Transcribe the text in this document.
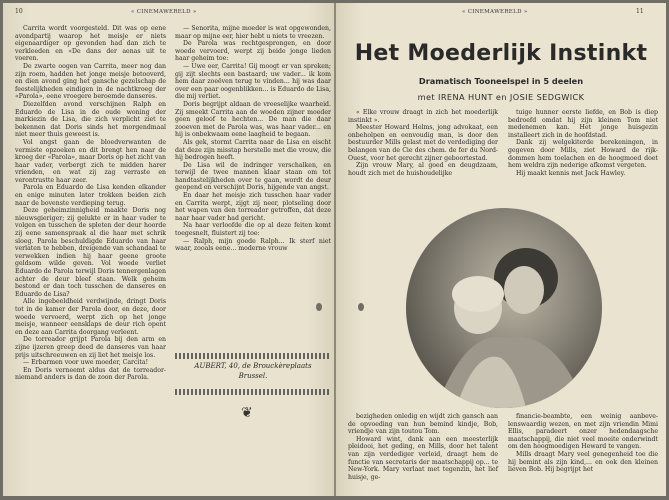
10	« CINEMAWERELD »

Carrita wordt voorgesteld. Dit was op eene avondpartij waarop het meisje er niets eigenaardiger op gevonden had dan zich te verkleeden en «De dans der aenas uit te voeren.

De zwarte oogen van Carrita, meer nog dan zijn roem, hadden het jonge meisje betooverd, en dien avond ging het gansche gezelschap de feestelijkheden eindigen in de nachtkroeg der «Parola», eene vroegere beroemde danseres.

Diezelfden avond verschijnen Ralph en Eduardo de Lisa in de oude woning der markiezin de Lisa, die zich verplicht ziet te bekennen dat Doris sinds het morgendmaal niet meer thuis geweest is.

Vol angst gaan de bloedverwanten de vermiste opzoeken en dit brengt hen naar de kroeg der «Parola», maar Doris op het zicht van haar vader, verbergt zich te midden harer vrienden, en wat zij zag verraste en verontrustte haar zeer.

Parola en Eduardo de Lisa kenden elkander en enige minuten later trokken beiden zich naar de bovenste verdieping terug.

Deze geheimzinnigheid maakte Doris nog nieuwsgieriger; zij gelukte er in haar vader te volgen en tusschen de spleten der deur hoorde zij eene samenspraak al die haar met schrik sloeg. Parola beschuldigde Eduardo van haar verlaten te hebben, dreigende van schandaal te verwekken indien hij haar geene groote geldsom wilde geven. Vol woede verliet Eduardo de Parola terwijl Doris tennergenlagen achter de deur bleef staan. Welk geheim bestond er dan toch tusschen de danseres en Eduardo de Lisa?

Alle ingebeeldheid verdwijnde, dringt Doris tot in de kamer der Parola door, en deze, door woede vervoerd, werpt zich op het jonge meisje, wanneer eensklaps de deur rich opent en deze aan Carrita doorgang verleent.

De torreador grijpt Parola bij den arm en zijne ijzeren greep deed de danseres van haar prijs uitschreeuwen en zij liet het meisje los.

— Erbarmen voor uwe moeder, Carcita!

En Doris verneemt aldus dat de torreador-niemand anders is dan de zoon der Parola.

— Senorita, mijne moeder is wat opgewonden, maar op mijne eer, hier hebt u niets te vreezen.

De Parola was rechtgesprongen, en door woede vervoerd, werpt zij beide jonge lieden haar geheim toe:

— Uwe eer, Carrita! Gij moogt er van spreken; gij zijt slechts een bastaard; uw vader... ik kom hem daar zoeëven terug te vinden... hij was daar over een paar oogenblikken... is Eduardo de Lisa, die mij verliet.

Doris begrijpt aldaan de vreeselijke waarheid. Zij smeekt Carrita aan de woeden zijner moeder geen geloof te hechten... De man die daar zooeven met de Parola was, was haar vader... en hij is onbekwaam eene laagheid te begaan.

Als gek, stormt Carrita naar de Lisa en eischt dat deze zijn misstap herstelle met die vrouw, die hij bedrogen heeft.

De Lisa wil de indringer verschalken, en terwijl de twee mannen klaar staan om tot handtastelijkheden over te gaan, wordt de deur geopend en verschijnt Doris, hijgende van angst.

En daar het meisje zich tusschen haar vader en Carrita werpt, zijgt zij neer, plotseling door het wapen van den torreador getroffen, dat deze naar haar vader had gericht.

Na haar verloofde die op al deze feiten komt toegesnelt, fluistert zij toe:

— Ralph, mijn goede Ralph... Ik sterf niet waar, zooals eene... moderne vrouw

AUBERT, 40, de Brouckèreplaats
Brussel.
❦
« CINEMAWERELD »	11
Het Moederlijk Instinkt
Dramatisch Tooneelspel in 5 deelen
met IRENA HUNT en JOSIE SEDGWICK

« Elke vrouw draagt in zich het moederlijk instinkt ».

Meester Howard Helms, jong advokaat, een onbeholpen en eenvoudig man, is door den bestuurder Mills gelast met de verdediging der belangen van de Cie des chem. de fer du Nord-Ouest, voor het gerecht zijner geboortestad.

Zijn vrouw Mary, al goed en deugdzaam, houdt zich met de huishoudelijke

tuige hunner eerste liefde, en Bob is diep bedroefd omdat hij zijn kleinen Tom niet medenemen kan. Het jonge huisgezin installeert zich in de hoofdstad.

Dank zij welgekiterde berekeningen, in gegeven door Mills, ziet Howard de rijkdommen hem toelachen en de hoogmoed doet hem weldra zijn nederige afkomst vergeten.

Hij maakt kennis met Jack Hawley.

bezigheden onledig en wijdt zich gansch aan de opvoeding van hun bemind kindje, Bob, vriendje van zijn toutou Tom.

Howard wint, dank aan een meesterlijk pleidooi, het geding, en Mills, door het talent van zijn verdediger verleid, draagt hem de functie van secretaris der maatschappij op... te New-York. Mary verlaat met tegenzin, het lief huisje, ge-

financie-beambte, een weinig aanbevelenswaardig wezen, en met zijn vriendin Mimi Ellis, paradeert onzer hedendaagsche maatschappij, die niet veel moeite onderwindt om den hoogmoedigen Heward te vangen.

Mills draagt Mary veel genegenheid toe die hij bemint als zijn kind,... en ook den kleinen lieven Bob. Hij begrijpt het
